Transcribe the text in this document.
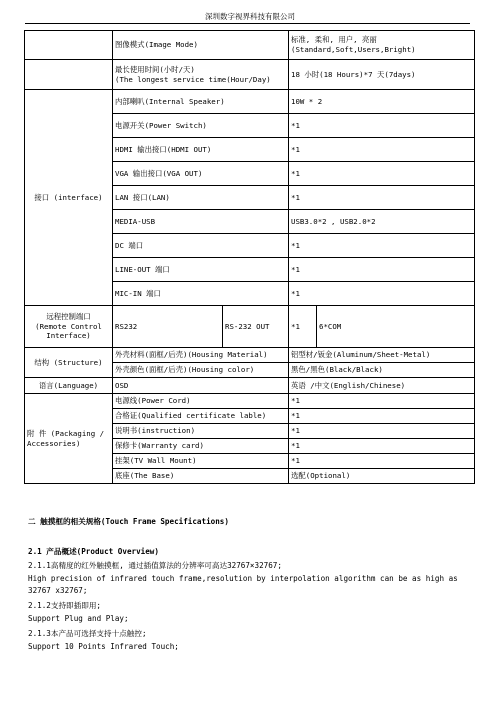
深圳数字视界科技有限公司
	图像模式(Image Mode)		标准, 柔和, 用户, 亮丽
(Standard,Soft,Users,Bright)	

	最长使用时间(小时/天)
(The longest service time(Hour/Day)		18 小时(18 Hours)*7 天(7days)	
接口 (interface)	内部喇叭(Internal Speaker)		10W * 2	
	电源开关(Power Switch)		*1	
	HDMI 输出接口(HDMI OUT)		*1	
	VGA 输出接口(VGA OUT)		*1	
	LAN 接口(LAN)		*1	
	MEDIA-USB		USB3.0*2 , USB2.0*2	
	DC 端口		*1	
	LINE-OUT 端口		*1	
	MIC-IN 端口		*1	

远程控制端口
(Remote Control
Interface)	RS232	RS-232 OUT	*1	6*COM
结构 (Structure)	外壳材料(面框/后壳)(Housing Material)		铝型材/钣金(Aluminum/Sheet-Metal)	
	外壳颜色(面框/后壳)(Housing color)		黑色/黑色(Black/Black)	
语言(Language)	OSD		英语 /中文(English/Chinese)	

附 件 (Packaging /
Accessories)	电源线(Power Cord)		*1	
	合格证(Qualified certificate lable)		*1	
	说明书(instruction)		*1	
	保修卡(Warranty card)		*1	
	挂架(TV Wall Mount)		*1	
	底座(The Base)		选配(Optional)	
二 触摸框的相关规格(Touch Frame Specifications)
2.1 产品概述(Product Overview)
2.1.1高精度的红外触摸框, 通过插值算法的分辨率可高达32767×32767;
High precision of infrared touch frame,resolution by interpolation algorithm can be as high as
32767 x32767;
2.1.2支持即插即用;
Support Plug and Play;
2.1.3本产品可选择支持十点触控;
Support 10 Points Infrared Touch;
